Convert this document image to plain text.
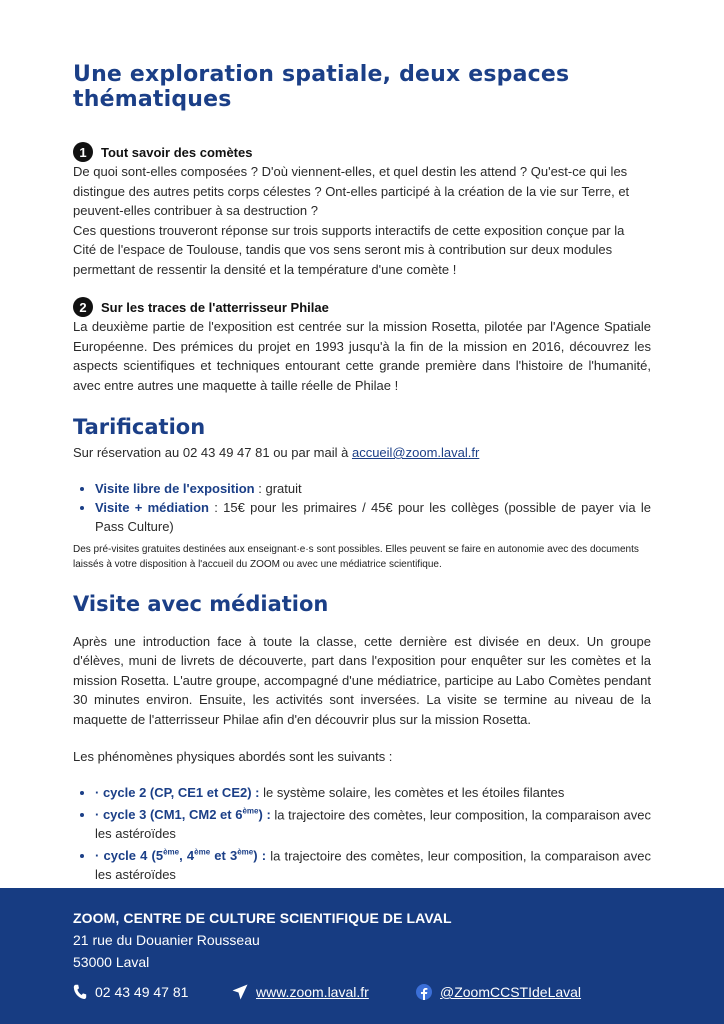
Une exploration spatiale, deux espaces thématiques
1	Tout savoir des comètes

De quoi sont-elles composées ? D'où viennent-elles, et quel destin les attend ? Qu'est-ce qui les distingue des autres petits corps célestes ? Ont-elles participé à la création de la vie sur Terre, et peuvent-elles contribuer à sa destruction ?

Ces questions trouveront réponse sur trois supports interactifs de cette exposition conçue par la Cité de l'espace de Toulouse, tandis que vos sens seront mis à contribution sur deux modules permettant de ressentir la densité et la température d'une comète !

2	Sur les traces de l'atterrisseur Philae

La deuxième partie de l'exposition est centrée sur la mission Rosetta, pilotée par l'Agence Spatiale Européenne. Des prémices du projet en 1993 jusqu'à la fin de la mission en 2016, découvrez les aspects scientifiques et techniques entourant cette grande première dans l'histoire de l'humanité, avec entre autres une maquette à taille réelle de Philae !

Tarification

Sur réservation au 02 43 49 47 81 ou par mail à accueil@zoom.laval.fr

• Visite libre de l'exposition : gratuit
• Visite + médiation : 15€ pour les primaires / 45€ pour les collèges (possible de payer via le Pass Culture)

Des pré-visites gratuites destinées aux enseignant·e·s sont possibles. Elles peuvent se faire en autonomie avec des documents laissés à votre disposition à l'accueil du ZOOM ou avec une médiatrice scientifique.

Visite avec médiation

Après une introduction face à toute la classe, cette dernière est divisée en deux. Un groupe d'élèves, muni de livrets de découverte, part dans l'exposition pour enquêter sur les comètes et la mission Rosetta. L'autre groupe, accompagné d'une médiatrice, participe au Labo Comètes pendant 30 minutes environ. Ensuite, les activités sont inversées. La visite se termine au niveau de la maquette de l'atterrisseur Philae afin d'en découvrir plus sur la mission Rosetta.

Les phénomènes physiques abordés sont les suivants :

• · cycle 2 (CP, CE1 et CE2) : le système solaire, les comètes et les étoiles filantes
• · cycle 3 (CM1, CM2 et 6ème) : la trajectoire des comètes, leur composition, la comparaison avec les astéroïdes
• · cycle 4 (5ème, 4ème et 3ème) : la trajectoire des comètes, leur composition, la comparaison avec les astéroïdes
ZOOM, CENTRE DE CULTURE SCIENTIFIQUE DE LAVAL
21 rue du Douanier Rousseau
53000 Laval
02 43 49 47 81	www.zoom.laval.fr	@ZoomCCSTIdeLaval
